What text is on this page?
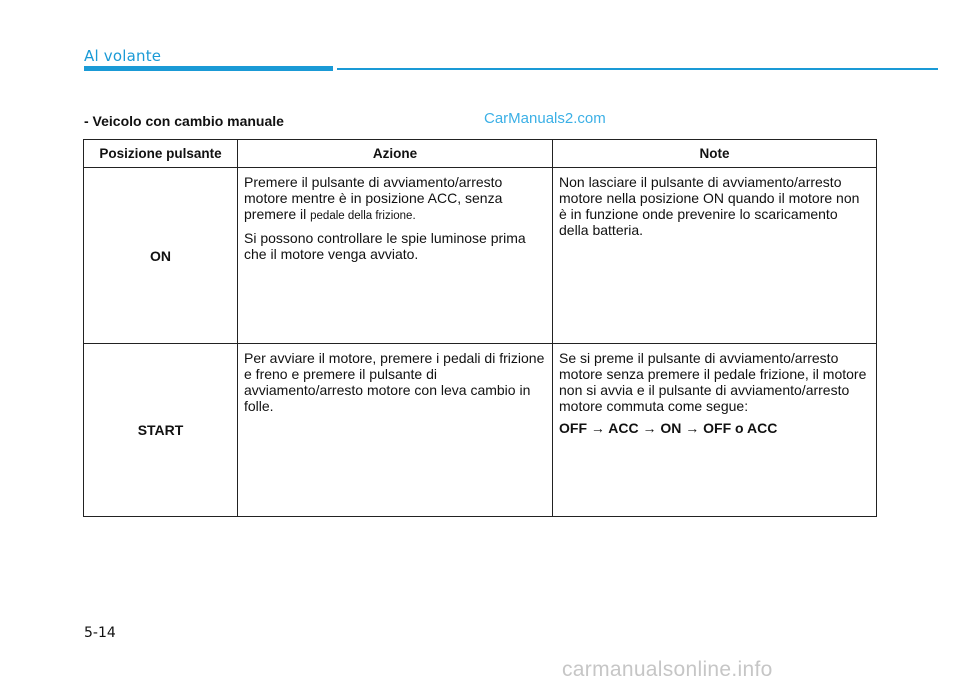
Al volante
- Veicolo con cambio manuale	CarManuals2.com
Posizione pulsante	Azione	Note
ON	Premere il pulsante di avviamento/arresto motore mentre è in posizione ACC, senza premere il pedale della frizione.

Si possono controllare le spie luminose prima che il motore venga avviato.	Non lasciare il pulsante di avviamento/arresto motore nella posizione ON quando il motore non è in funzione onde prevenire lo scaricamento della batteria.

START	Per avviare il motore, premere i pedali di frizione e freno e premere il pulsante di avviamento/arresto motore con leva cambio in folle.	Se si preme il pulsante di avviamento/arresto motore senza premere il pedale frizione, il motore non si avvia e il pulsante di avviamento/arresto motore commuta come segue:

OFF → ACC → ON → OFF o ACC

5-14
carmanualsonline.info
